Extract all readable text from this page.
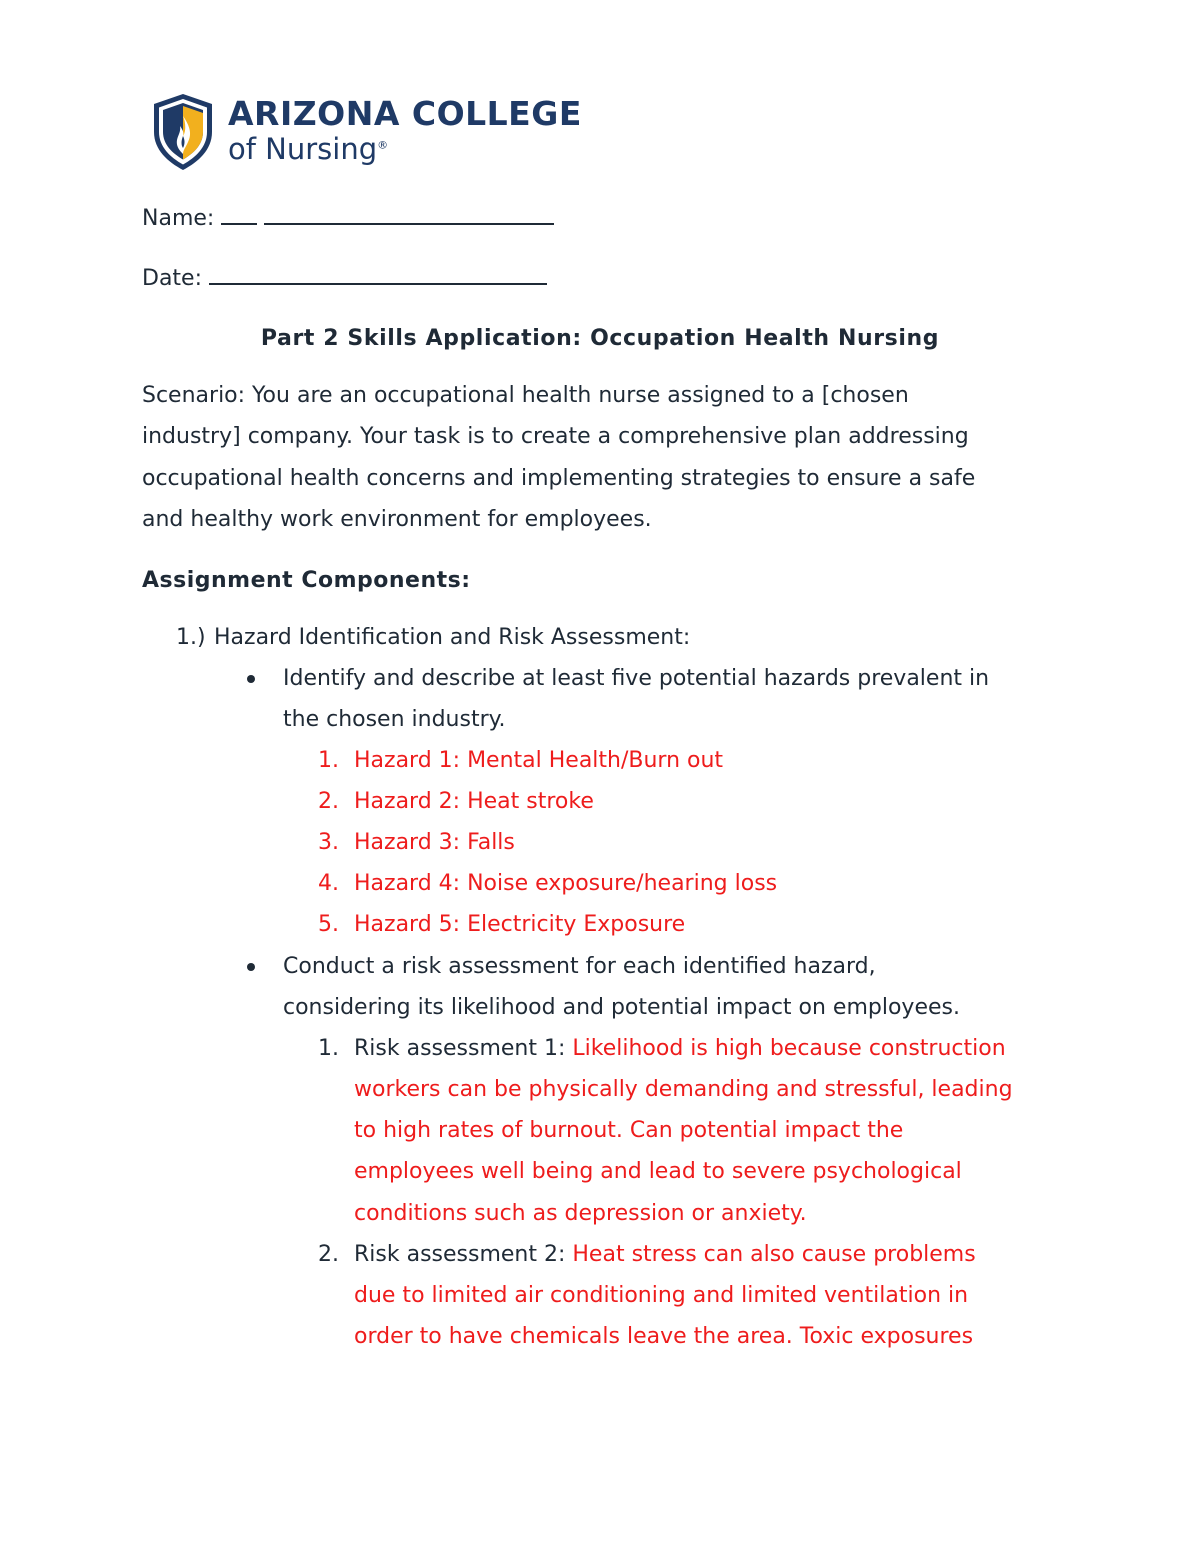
ARIZONA COLLEGE
of Nursing®
Name:
Date:
Part 2 Skills Application: Occupation Health Nursing
Scenario: You are an occupational health nurse assigned to a [chosen
industry] company. Your task is to create a comprehensive plan addressing
occupational health concerns and implementing strategies to ensure a safe
and healthy work environment for employees.
Assignment Components:
1.) Hazard Identification and Risk Assessment:
Identify and describe at least five potential hazards prevalent in
the chosen industry.
1. Hazard 1: Mental Health/Burn out
2. Hazard 2: Heat stroke
3. Hazard 3: Falls
4. Hazard 4: Noise exposure/hearing loss
5. Hazard 5: Electricity Exposure
Conduct a risk assessment for each identified hazard,
considering its likelihood and potential impact on employees.
1. Risk assessment 1: Likelihood is high because construction
workers can be physically demanding and stressful, leading
to high rates of burnout. Can potential impact the
employees well being and lead to severe psychological
conditions such as depression or anxiety.
2. Risk assessment 2: Heat stress can also cause problems
due to limited air conditioning and limited ventilation in
order to have chemicals leave the area. Toxic exposures
